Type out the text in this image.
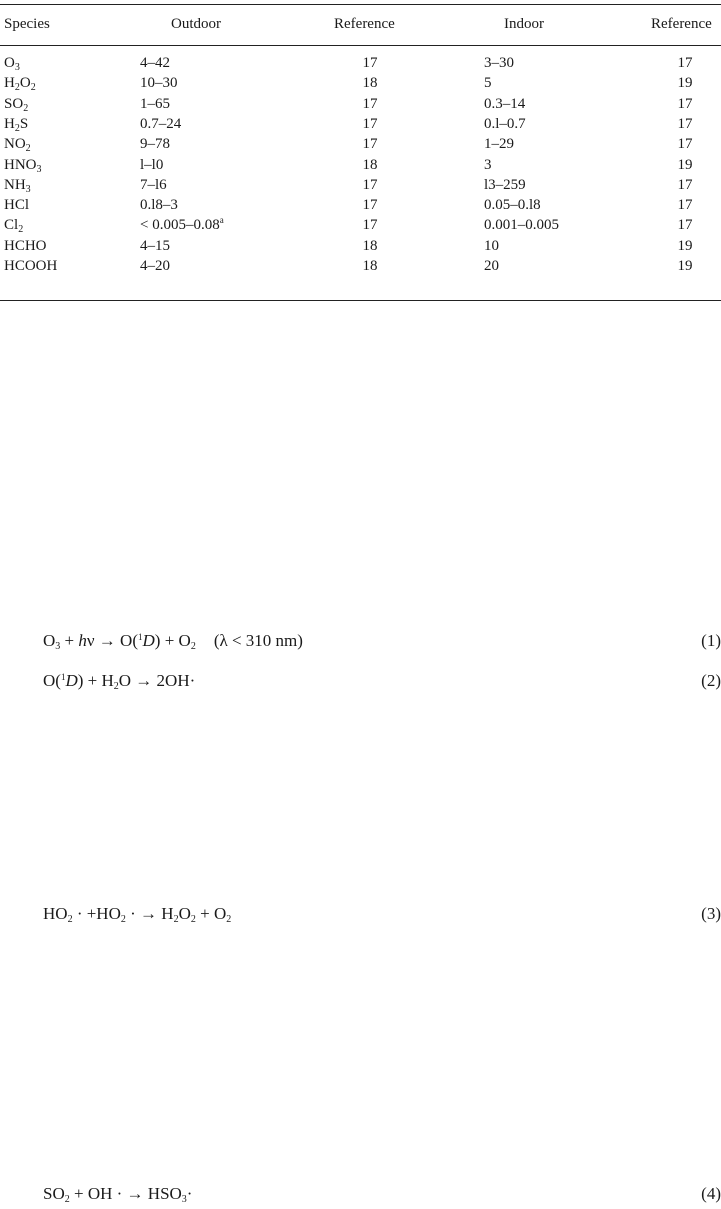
Species	Outdoor	Reference	Indoor	Reference
$O_3$	4–42	17	3–30	17
$H_2O_2$	10–30	18	5	19
$SO_2$	1–65	17	0.3–14	17
$H_2S$	0.7–24	17	0.l–0.7	17
$NO_2$	9–78	17	1–29	17
$HNO_3$	l–l0	18	3	19
$NH_3$	7–l6	17	l3–259	17
HCl	0.l8–3	17	0.05–0.l8	17
$Cl_2$	< 0.005–0.08$^a$	17	0.001–0.005	17
HCHO	4–15	18	10	19
HCOOH	4–20	18	20	19
$O_3 + h\nu \to O(^1D) + O_2$ (λ < 310 nm)	(1)
$O(^1D) + H_2O \to 2OH\cdot$	(2)
$HO_2 \cdot +HO_2$ · → $H_2O_2 + O_2$	(3)
$SO_2$ + OH · → $HSO_3\cdot$	(4)
